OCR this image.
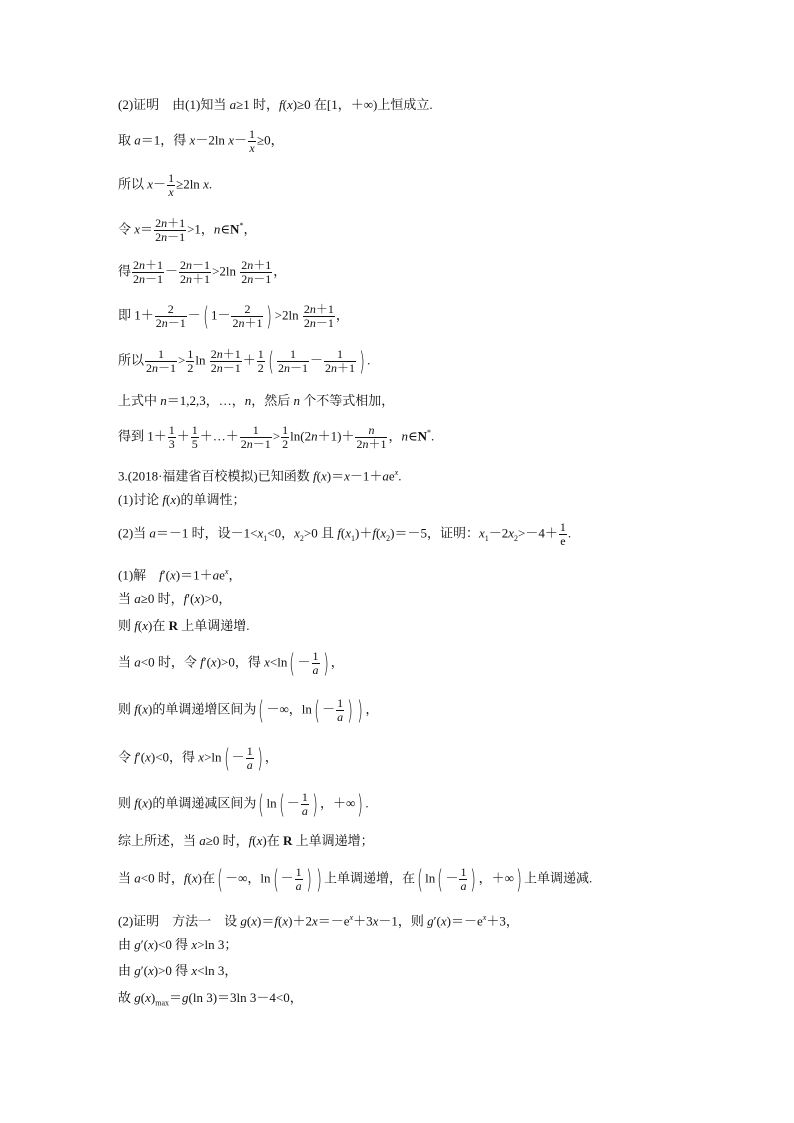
(2)证明　由(1)知当 a≥1 时，f(x)≥0 在[1，＋∞)上恒成立.
取 a＝1，得 x－2ln $x- \frac{1}{x} \ge 0$，
所以 $x- \frac{1}{x} \ge 2\ln$ x.
令 $x= \frac{2n+1}{2n-1} >1$，n∈N*，
得 $\frac{2n+1}{2n-1} - \frac{2n-1}{2n+1} >2\ln \frac{2n+1}{2n-1}$ ，
即 $1+ \frac{2}{2n-1}$ －( $1- \frac{2}{2n+1}$ ) $>2\ln \frac{2n+1}{2n-1}$ ，
所以 $\frac{1}{2n-1} > \frac{1}{2}$ $\ln \frac{2n+1}{2n-1} + \frac{1}{2}$ ( $\frac{1}{2n-1} - \frac{1}{2n+1}$ ) .
上式中 n＝1,2,3，…，n，然后 n 个不等式相加，
得到 $1+ \frac{1}{3} + \frac{1}{5}$ ＋…＋ $\frac{1}{2n-1} > \frac{1}{2} \ln(2n+1)+ \frac{n}{2n+1}$ ，n∈N*.
3.(2018·福建省百校模拟)已知函数 $f(x)=x-1+ae^x$.
(1)讨论 f(x)的单调性；
(2)当 a＝－1 时，设$-1<x_1<0$，$x_2>0$ 且 $f(x_1)+f(x_2)=-5$，证明：$x_1-2x_2>-4+ \frac{1}{e}$ .
(1)解　$f'(x)=1+ae^x$，
当 a≥0 时，f′(x)>0，
则 f(x)在 R 上单调递增.
当 a<0 时，令 f′(x)>0，得 $x<\ln( - \frac{1}{a}$ ) ，
则 f(x)的单调递增区间为( －∞，$\ln( - \frac{1}{a}$ ) ) ，
令 f′(x)<0，得 $x>\ln( - \frac{1}{a}$ ) ，
则 f(x)的单调递减区间为( $\ln( - \frac{1}{a}$ ) ，＋∞) .
综上所述，当 a≥0 时，f(x)在 R 上单调递增；
当 a<0 时，f(x)在( －∞，$\ln( - \frac{1}{a}$ ) ) 上单调递增，在( $\ln( - \frac{1}{a}$ ) ，＋∞) 上单调递减.
(2)证明　方法一　设 $g(x)=f(x)+2x=-e^x+3x-1$，则 $g'(x)=-e^x+3$，
由 g′(x)<0 得 x>ln 3；
由 g′(x)>0 得 x<ln 3，
故 $g(x)_{max}=g(\ln$ 3)＝3ln 3－4<0，
